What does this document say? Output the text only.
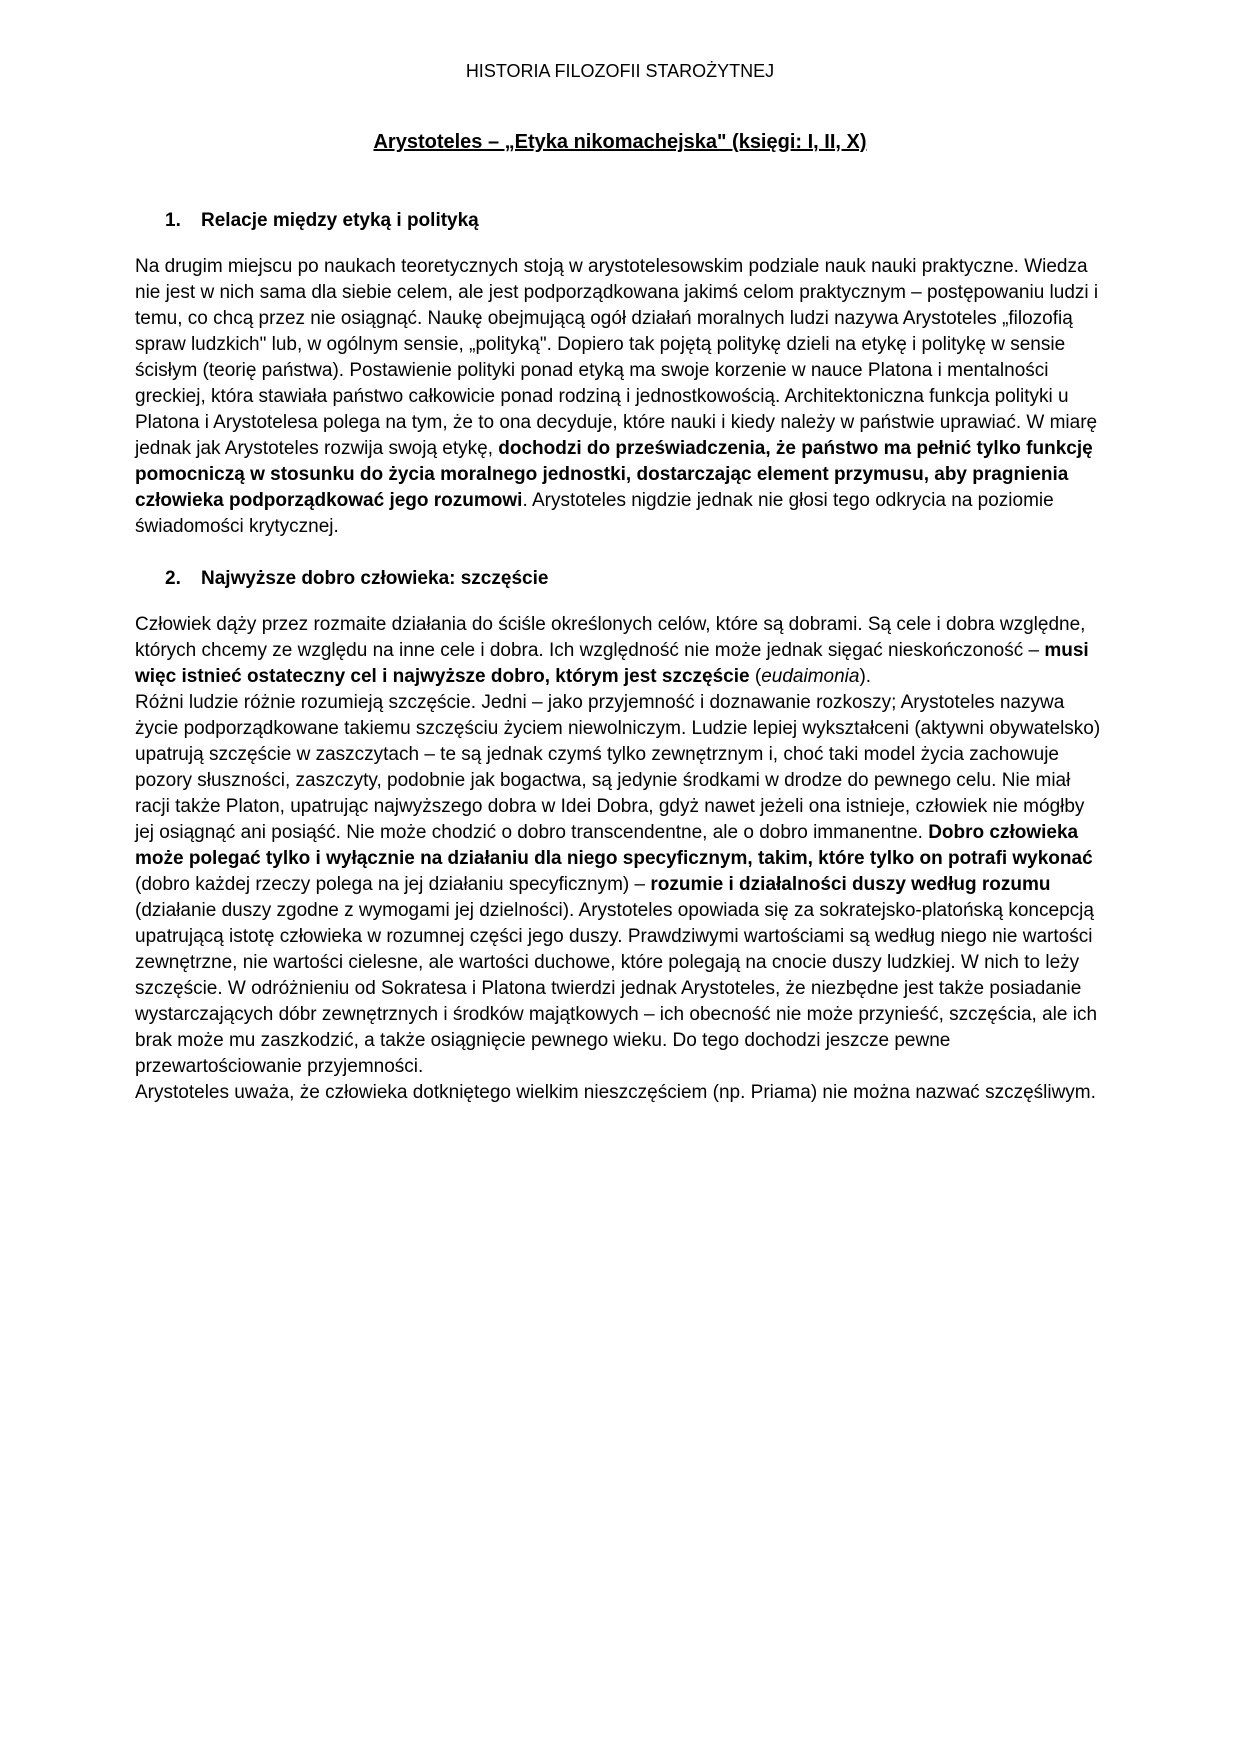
HISTORIA FILOZOFII STAROŻYTNEJ
Arystoteles – „Etyka nikomachejska" (księgi: I, II, X)
1.	Relacje między etyką i polityką

Na drugim miejscu po naukach teoretycznych stoją w arystotelesowskim podziale nauk nauki praktyczne. Wiedza nie jest w nich sama dla siebie celem, ale jest podporządkowana jakimś celom praktycznym – postępowaniu ludzi i temu, co chcą przez nie osiągnąć. Naukę obejmującą ogół działań moralnych ludzi nazywa Arystoteles „filozofią spraw ludzkich" lub, w ogólnym sensie, „polityką". Dopiero tak pojętą politykę dzieli na etykę i politykę w sensie ścisłym (teorię państwa). Postawienie polityki ponad etyką ma swoje korzenie w nauce Platona i mentalności greckiej, która stawiała państwo całkowicie ponad rodziną i jednostkowością. Architektoniczna funkcja polityki u Platona i Arystotelesa polega na tym, że to ona decyduje, które nauki i kiedy należy w państwie uprawiać. W miarę jednak jak Arystoteles rozwija swoją etykę, dochodzi do przeświadczenia, że państwo ma pełnić tylko funkcję pomocniczą w stosunku do życia moralnego jednostki, dostarczając element przymusu, aby pragnienia człowieka podporządkować jego rozumowi. Arystoteles nigdzie jednak nie głosi tego odkrycia na poziomie świadomości krytycznej.

2.	Najwyższe dobro człowieka: szczęście

Człowiek dąży przez rozmaite działania do ściśle określonych celów, które są dobrami. Są cele i dobra względne, których chcemy ze względu na inne cele i dobra. Ich względność nie może jednak sięgać nieskończoność – musi więc istnieć ostateczny cel i najwyższe dobro, którym jest szczęście (eudaimonia).

Różni ludzie różnie rozumieją szczęście. Jedni – jako przyjemność i doznawanie rozkoszy; Arystoteles nazywa życie podporządkowane takiemu szczęściu życiem niewolniczym. Ludzie lepiej wykształceni (aktywni obywatelsko) upatrują szczęście w zaszczytach – te są jednak czymś tylko zewnętrznym i, choć taki model życia zachowuje pozory słuszności, zaszczyty, podobnie jak bogactwa, są jedynie środkami w drodze do pewnego celu. Nie miał racji także Platon, upatrując najwyższego dobra w Idei Dobra, gdyż nawet jeżeli ona istnieje, człowiek nie mógłby jej osiągnąć ani posiąść. Nie może chodzić o dobro transcendentne, ale o dobro immanentne. Dobro człowieka może polegać tylko i wyłącznie na działaniu dla niego specyficznym, takim, które tylko on potrafi wykonać (dobro każdej rzeczy polega na jej działaniu specyficznym) – rozumie i działalności duszy według rozumu (działanie duszy zgodne z wymogami jej dzielności). Arystoteles opowiada się za sokratejsko-platońską koncepcją upatrującą istotę człowieka w rozumnej części jego duszy. Prawdziwymi wartościami są według niego nie wartości zewnętrzne, nie wartości cielesne, ale wartości duchowe, które polegają na cnocie duszy ludzkiej. W nich to leży szczęście. W odróżnieniu od Sokratesa i Platona twierdzi jednak Arystoteles, że niezbędne jest także posiadanie wystarczających dóbr zewnętrznych i środków majątkowych – ich obecność nie może przynieść, szczęścia, ale ich brak może mu zaszkodzić, a także osiągnięcie pewnego wieku. Do tego dochodzi jeszcze pewne przewartościowanie przyjemności.

Arystoteles uważa, że człowieka dotkniętego wielkim nieszczęściem (np. Priama) nie można nazwać szczęśliwym.
